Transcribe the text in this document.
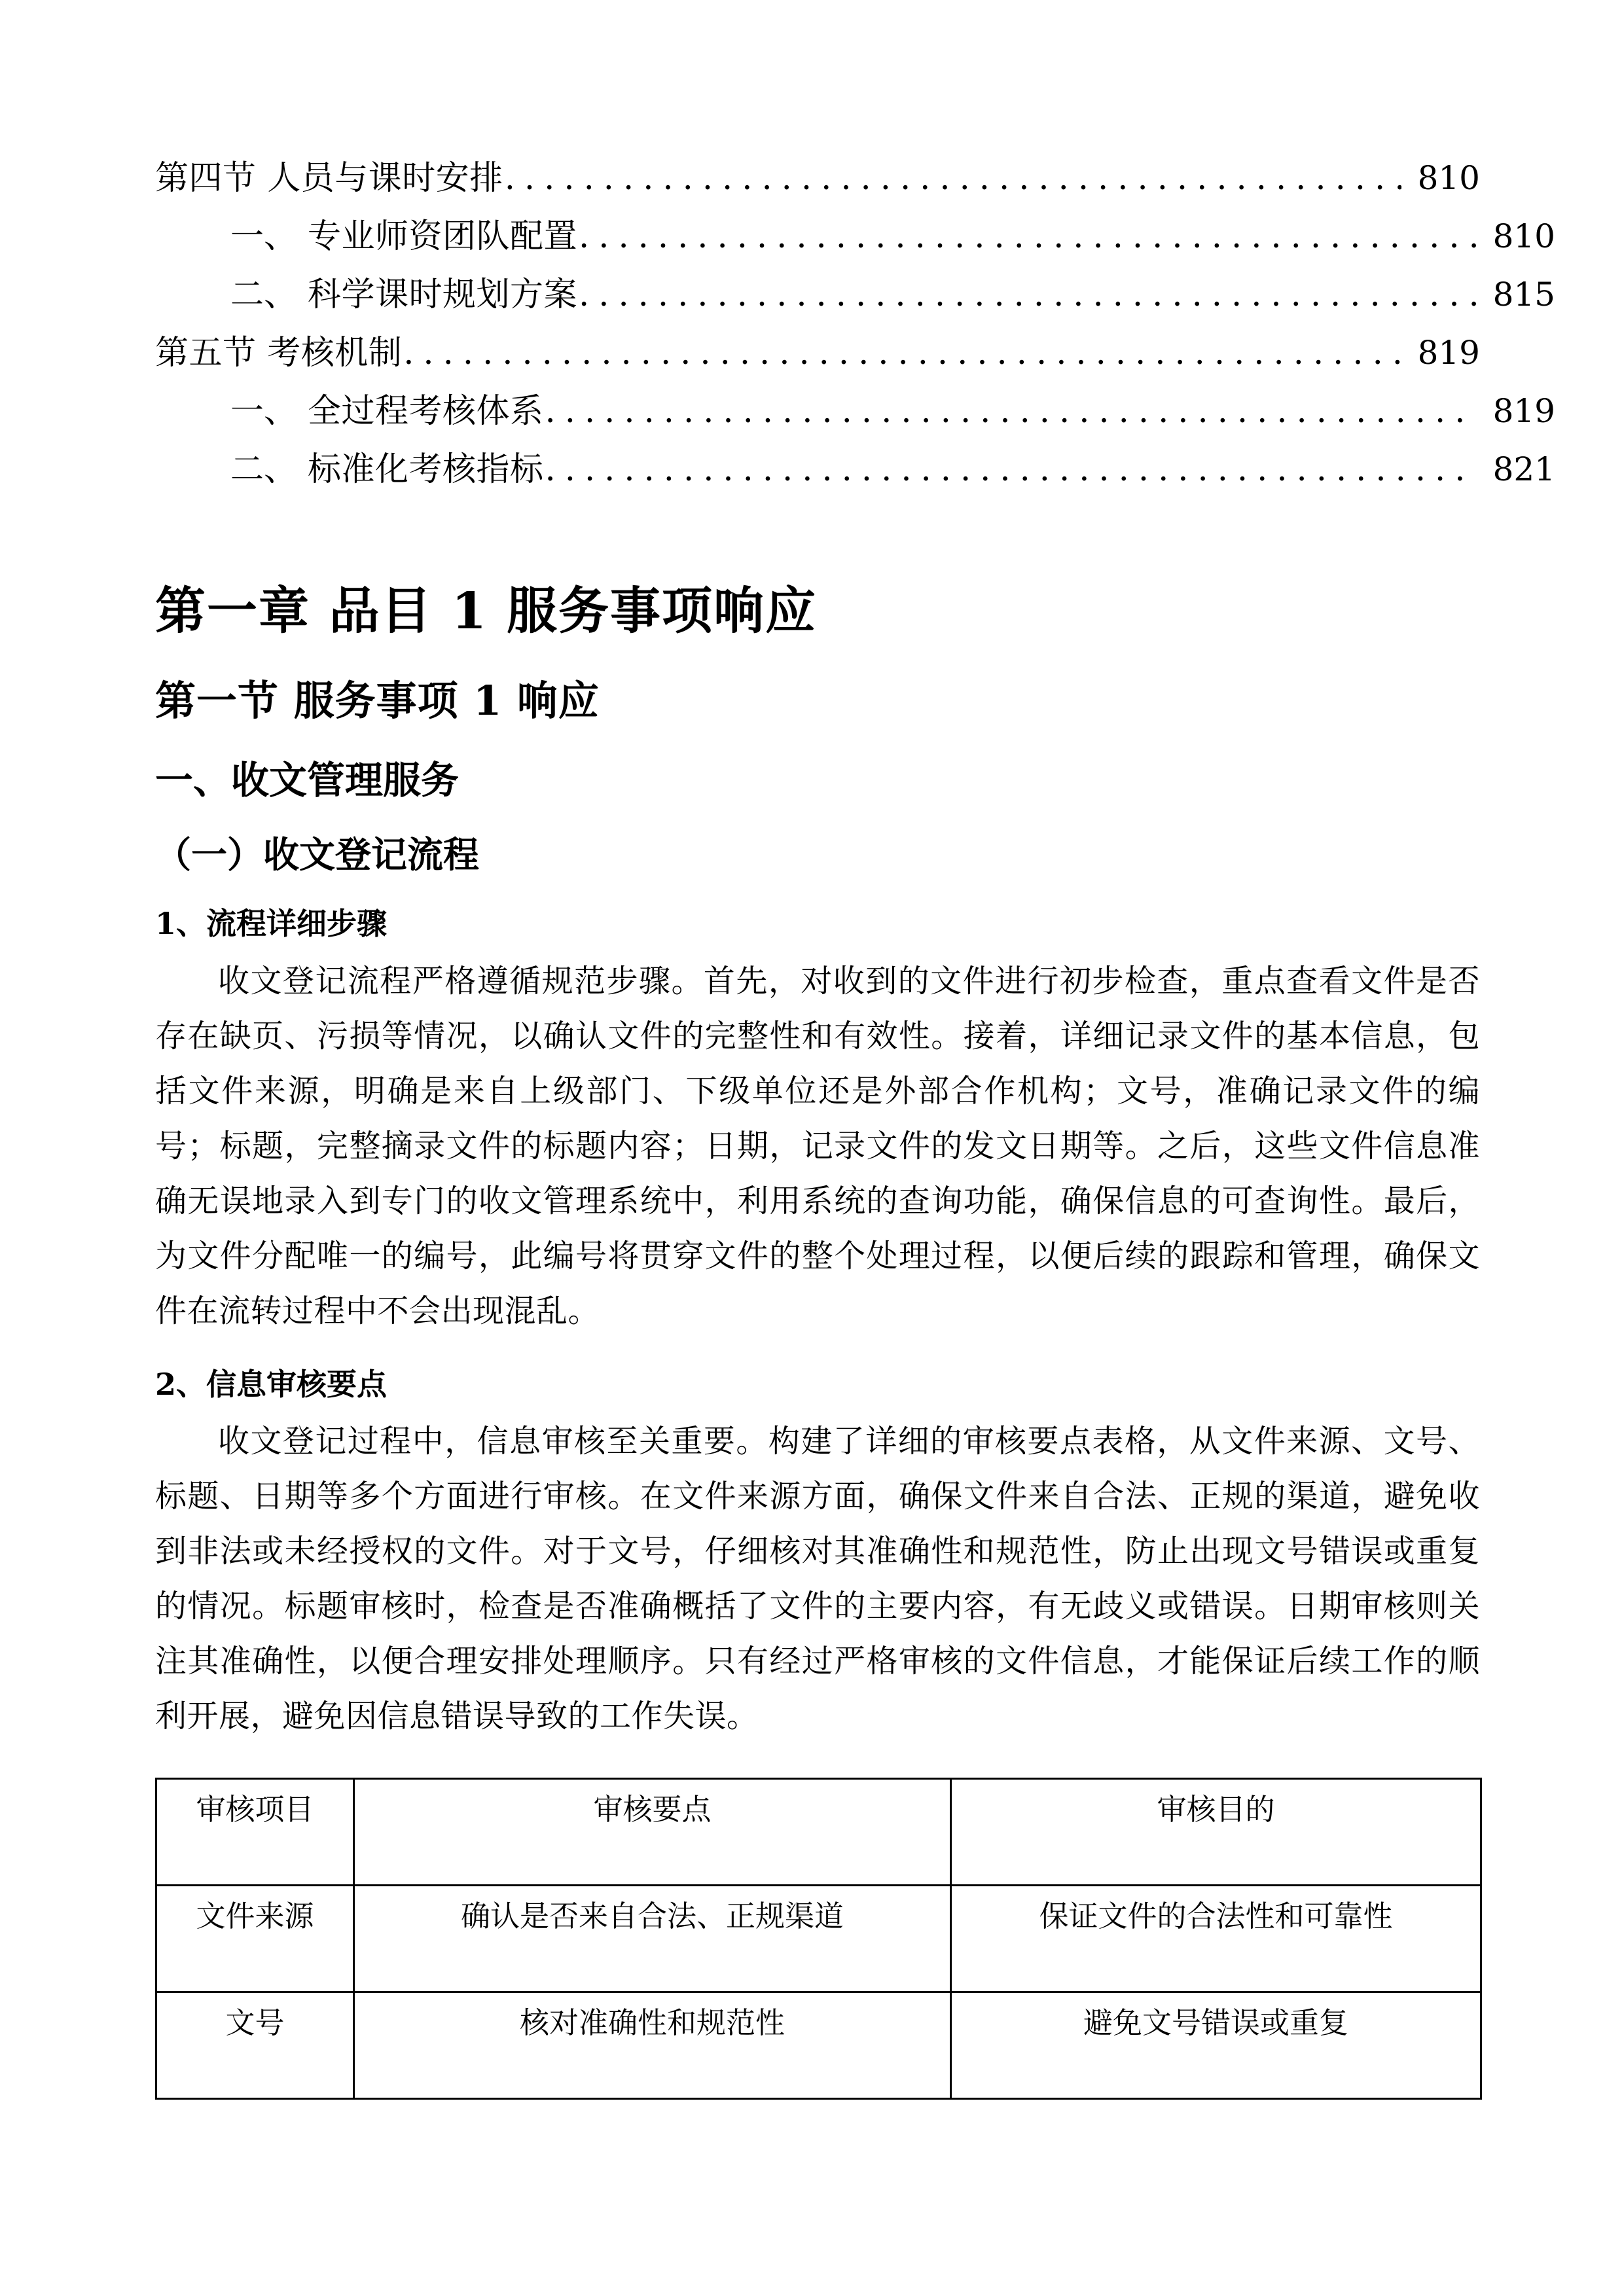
第四节 人员与课时安排 .....	810
一、 专业师资团队配置 .....	810
二、 科学课时规划方案 .....	815
第五节 考核机制 .....	819
一、 全过程考核体系 .....	819
二、 标准化考核指标 .....	821
第一章 品目 1 服务事项响应
第一节 服务事项 1 响应
一、收文管理服务
（一）收文登记流程
1、流程详细步骤

收文登记流程严格遵循规范步骤。首先，对收到的文件进行初步检查，重点查看文件是否存在缺页、污损等情况，以确认文件的完整性和有效性。接着，详细记录文件的基本信息，包括文件来源，明确是来自上级部门、下级单位还是外部合作机构；文号，准确记录文件的编号；标题，完整摘录文件的标题内容；日期，记录文件的发文日期等。之后，这些文件信息准确无误地录入到专门的收文管理系统中，利用系统的查询功能，确保信息的可查询性。最后，为文件分配唯一的编号，此编号将贯穿文件的整个处理过程，以便后续的跟踪和管理，确保文件在流转过程中不会出现混乱。

2、信息审核要点

收文登记过程中，信息审核至关重要。构建了详细的审核要点表格，从文件来源、文号、标题、日期等多个方面进行审核。在文件来源方面，确保文件来自合法、正规的渠道，避免收到非法或未经授权的文件。对于文号，仔细核对其准确性和规范性，防止出现文号错误或重复的情况。标题审核时，检查是否准确概括了文件的主要内容，有无歧义或错误。日期审核则关注其准确性，以便合理安排处理顺序。只有经过严格审核的文件信息，才能保证后续工作的顺利开展，避免因信息错误导致的工作失误。

审核项目	审核要点	审核目的
文件来源	确认是否来自合法、正规渠道	保证文件的合法性和可靠性
文号	核对准确性和规范性	避免文号错误或重复
